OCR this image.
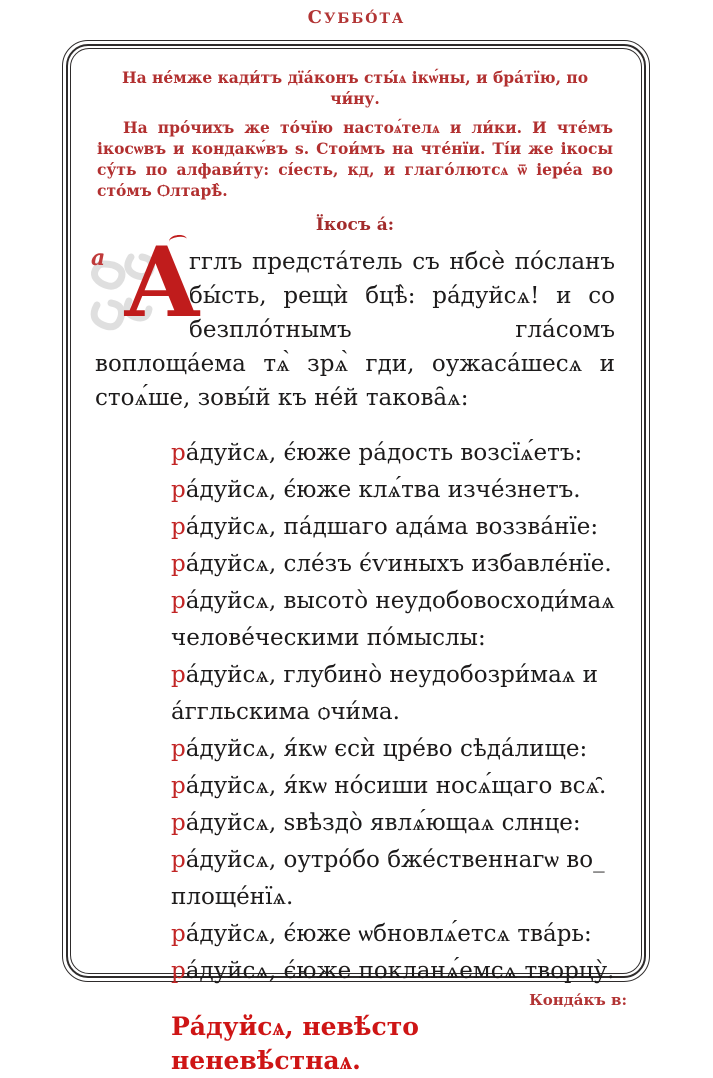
СУББО́ТА
На не́мже кади́тъ дїа́конъ сты́ѧ ікѡ́ны, и бра́тїю, по чи́ну.
На про́чихъ же то́чїю настоѧ́телѧ и ли́ки. И чте́мъ ікосѡвъ и кондакѡ́въ ѕ. Стои́мъ на чте́нїи. Ті́и же ікосы су́ть по алфави́ту: сі́есть, кд, и глаго́лютсѧ ѿ іере́а во сто́мъ Ѻлтарѣ̀.
Їкосъ а́:
а А
гглъ предста́тель съ нбсѐ по́сланъ бы́сть, рещѝ бцѣ̀: ра́дуйсѧ! и со безпло́тнымъ гла́сомъ воплоща́ема тѧ̀ зрѧ̀ гди, оужаса́шесѧ и стоѧ́ше, зовы́й къ не́й такова̑ѧ:

ра́дуйсѧ, є́юже ра́дость возсїѧ́етъ:

ра́дуйсѧ, є́юже клѧ́тва изче́знетъ.

ра́дуйсѧ, па́дшаго ада́ма воззва́нїе:

ра́дуйсѧ, сле́зъ є́ѵиныхъ избавле́нїе.

ра́дуйсѧ, высото̀ неудобовосходи́маѧ челове́ческими по́мыслы:

ра́дуйсѧ, глубино̀ неудобозри́маѧ и а́ггльскима ѻчи́ма.

ра́дуйсѧ, я́кѡ єсѝ цре́во сѣда́лище:

ра́дуйсѧ, я́кѡ но́сиши носѧ́щаго всѧ̑.

ра́дуйсѧ, ѕвѣздо̀ явлѧ́ющаѧ слнце:

ра́дуйсѧ, оутро́бо бже́ственнагѡ во_ площе́нїѧ.

ра́дуйсѧ, є́юже ѡбновлѧ́етсѧ тва́рь:

ра́дуйсѧ, є́юже покланѧ́емсѧ творцу̀.

Ра́дуйсѧ, невѣ́сто неневѣ́стнаѧ.
Конда́къ в:
